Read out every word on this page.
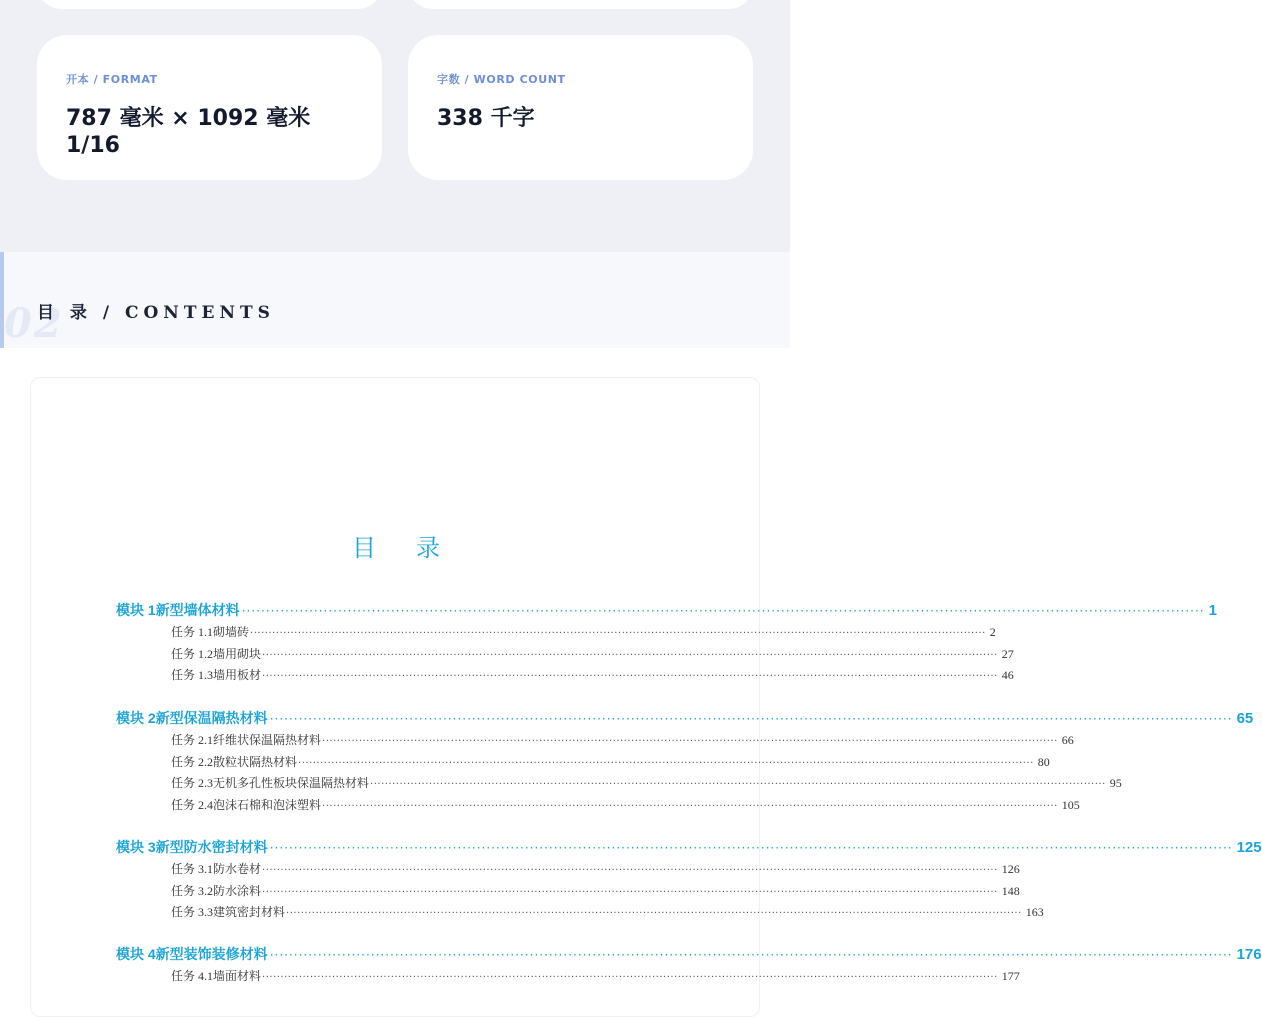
开本 / FORMAT
787 毫米 × 1092 毫米 1/16
字数 / WORD COUNT
338 千字
02
目 录 / CONTENTS
目录
模块 1 新型墙体材料 ········································································································································································································ 1
任务 1.1 砌墙砖 ········································································································································································································ 2
任务 1.2 墙用砌块 ········································································································································································································ 27
任务 1.3 墙用板材 ········································································································································································································ 46
模块 2 新型保温隔热材料 ········································································································································································································ 65
任务 2.1 纤维状保温隔热材料 ········································································································································································································ 66
任务 2.2 散粒状隔热材料 ········································································································································································································ 80
任务 2.3 无机多孔性板块保温隔热材料 ········································································································································································································ 95
任务 2.4 泡沫石棉和泡沫塑料 ········································································································································································································ 105
模块 3 新型防水密封材料 ········································································································································································································ 125
任务 3.1 防水卷材 ········································································································································································································ 126
任务 3.2 防水涂料 ········································································································································································································ 148
任务 3.3 建筑密封材料 ········································································································································································································ 163
模块 4 新型装饰装修材料 ········································································································································································································ 176
任务 4.1 墙面材料 ········································································································································································································ 177
